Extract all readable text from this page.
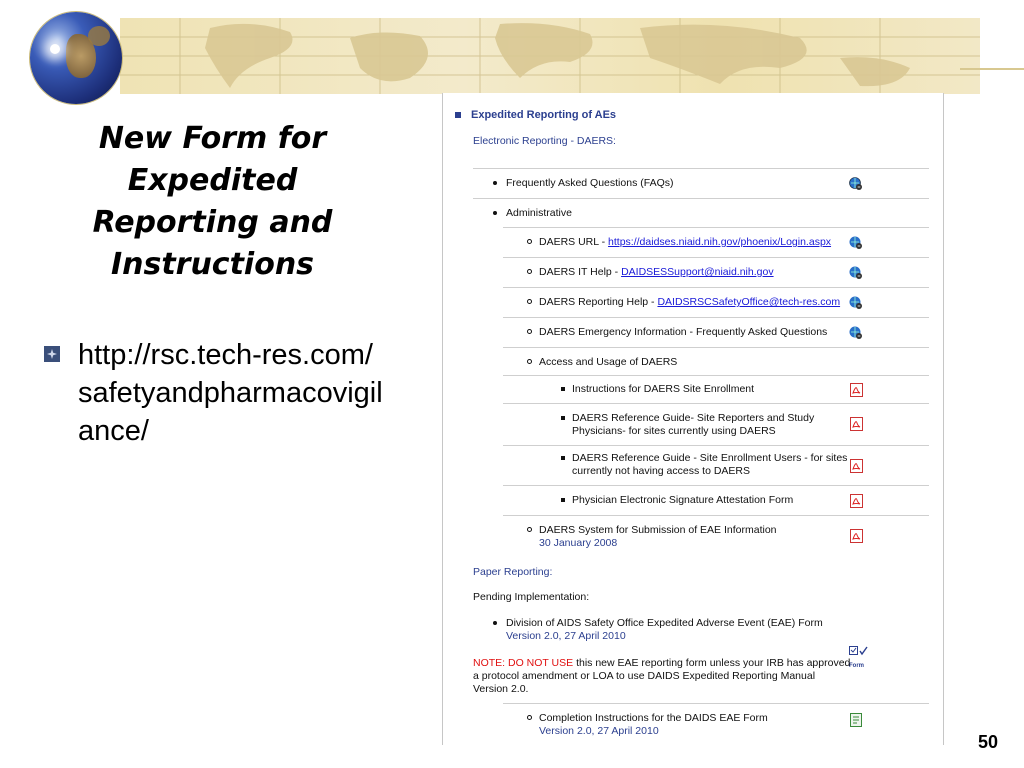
New Form for
Expedited
Reporting and
Instructions
http://rsc.tech-res.com/safetyandpharmacovigilance/
Expedited Reporting of AEs
Electronic Reporting - DAERS:
Frequently Asked Questions (FAQs)
Administrative
DAERS URL - https://daidses.niaid.nih.gov/phoenix/Login.aspx
DAERS IT Help - DAIDSESSupport@niaid.nih.gov
DAERS Reporting Help - DAIDSRSCSafetyOffice@tech-res.com
DAERS Emergency Information - Frequently Asked Questions
Access and Usage of DAERS
Instructions for DAERS Site Enrollment
DAERS Reference Guide- Site Reporters and Study
Physicians- for sites currently using DAERS
DAERS Reference Guide - Site Enrollment Users - for sites
currently not having access to DAERS
Physician Electronic Signature Attestation Form
DAERS System for Submission of EAE Information
30 January 2008
Paper Reporting:
Pending Implementation:
Division of AIDS Safety Office Expedited Adverse Event (EAE) Form
Version 2.0, 27 April 2010
Form
NOTE: DO NOT USE this new EAE reporting form unless your IRB has approved
a protocol amendment or LOA to use DAIDS Expedited Reporting Manual
Version 2.0.
Completion Instructions for the DAIDS EAE Form
Version 2.0, 27 April 2010
50
